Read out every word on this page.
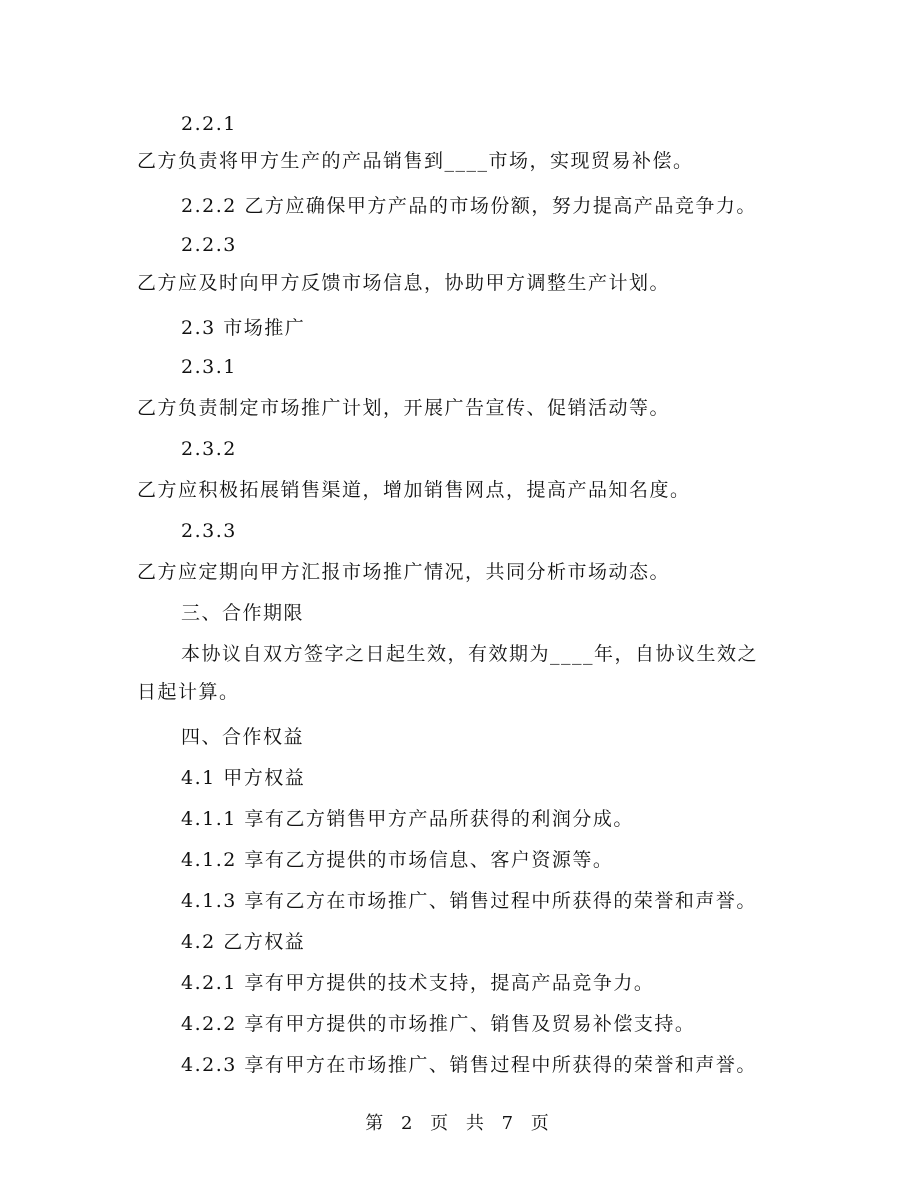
2.2.1
乙方负责将甲方生产的产品销售到____市场，实现贸易补偿。
2.2.2 乙方应确保甲方产品的市场份额，努力提高产品竞争力。
2.2.3
乙方应及时向甲方反馈市场信息，协助甲方调整生产计划。
2.3 市场推广
2.3.1
乙方负责制定市场推广计划，开展广告宣传、促销活动等。
2.3.2
乙方应积极拓展销售渠道，增加销售网点，提高产品知名度。
2.3.3
乙方应定期向甲方汇报市场推广情况，共同分析市场动态。
三、合作期限
本协议自双方签字之日起生效，有效期为____年，自协议生效之
日起计算。
四、合作权益
4.1 甲方权益
4.1.1 享有乙方销售甲方产品所获得的利润分成。
4.1.2 享有乙方提供的市场信息、客户资源等。
4.1.3 享有乙方在市场推广、销售过程中所获得的荣誉和声誉。
4.2 乙方权益
4.2.1 享有甲方提供的技术支持，提高产品竞争力。
4.2.2 享有甲方提供的市场推广、销售及贸易补偿支持。
4.2.3 享有甲方在市场推广、销售过程中所获得的荣誉和声誉。
第 2 页 共 7 页
